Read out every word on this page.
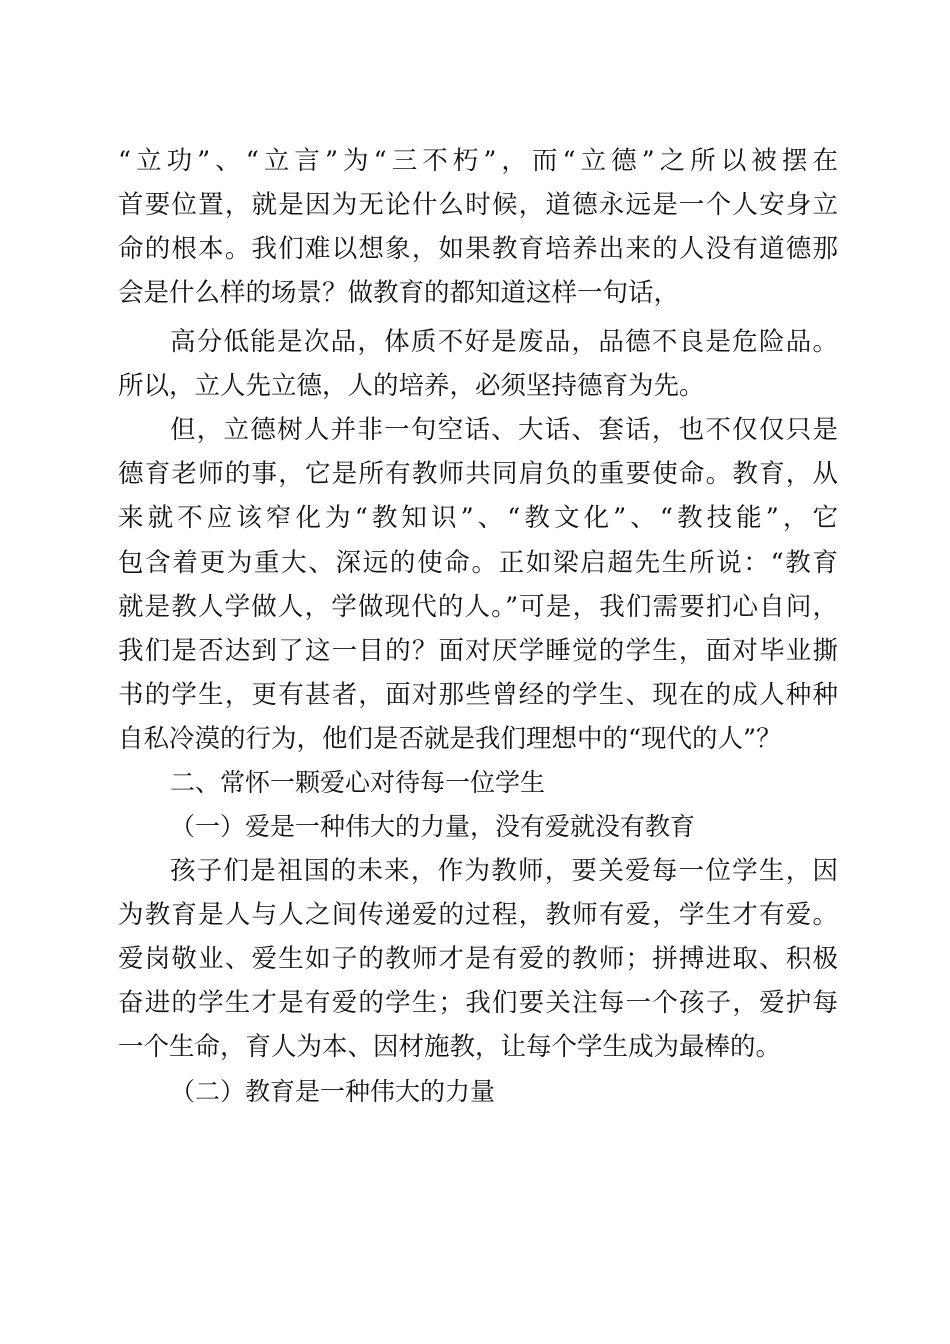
“立功”、“立言”为“三不朽”，而“立德”之所以被摆在
首要位置，就是因为无论什么时候，道德永远是一个人安身立
命的根本。我们难以想象，如果教育培养出来的人没有道德那
会是什么样的场景？做教育的都知道这样一句话，
高分低能是次品，体质不好是废品，品德不良是危险品。
所以，立人先立德，人的培养，必须坚持德育为先。
但，立德树人并非一句空话、大话、套话，也不仅仅只是
德育老师的事，它是所有教师共同肩负的重要使命。教育，从
来就不应该窄化为“教知识”、“教文化”、“教技能”，它
包含着更为重大、深远的使命。正如梁启超先生所说：“教育
就是教人学做人，学做现代的人。”可是，我们需要扪心自问，
我们是否达到了这一目的？面对厌学睡觉的学生，面对毕业撕
书的学生，更有甚者，面对那些曾经的学生、现在的成人种种
自私冷漠的行为，他们是否就是我们理想中的“现代的人”？
二、常怀一颗爱心对待每一位学生
（一）爱是一种伟大的力量，没有爱就没有教育
孩子们是祖国的未来，作为教师，要关爱每一位学生，因
为教育是人与人之间传递爱的过程，教师有爱，学生才有爱。
爱岗敬业、爱生如子的教师才是有爱的教师；拼搏进取、积极
奋进的学生才是有爱的学生；我们要关注每一个孩子，爱护每
一个生命，育人为本、因材施教，让每个学生成为最棒的。
（二）教育是一种伟大的力量
